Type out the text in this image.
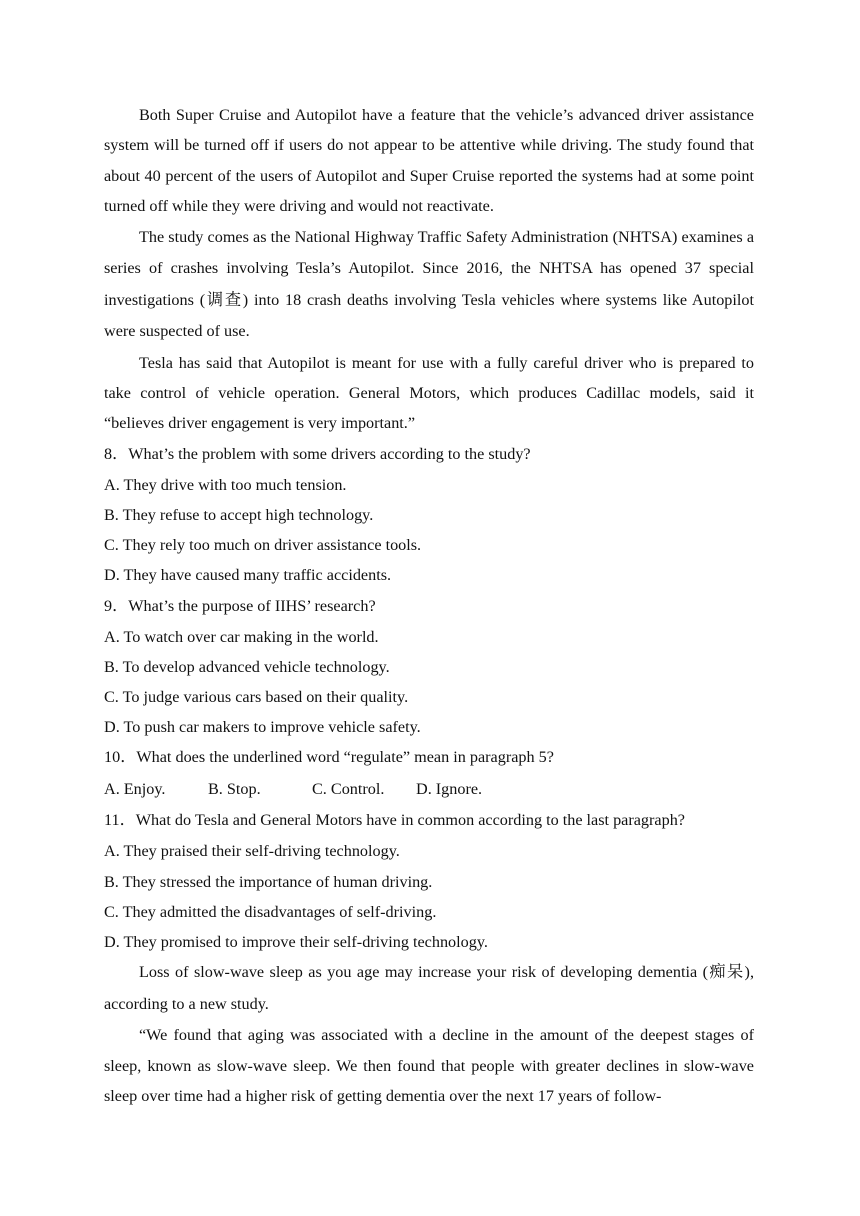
Both Super Cruise and Autopilot have a feature that the vehicle’s advanced driver assistance system will be turned off if users do not appear to be attentive while driving. The study found that about 40 percent of the users of Autopilot and Super Cruise reported the systems had at some point turned off while they were driving and would not reactivate.

The study comes as the National Highway Traffic Safety Administration (NHTSA) examines a series of crashes involving Tesla’s Autopilot. Since 2016, the NHTSA has opened 37 special investigations (调查) into 18 crash deaths involving Tesla vehicles where systems like Autopilot were suspected of use.

Tesla has said that Autopilot is meant for use with a fully careful driver who is prepared to take control of vehicle operation. General Motors, which produces Cadillac models, said it “believes driver engagement is very important.”

8．What’s the problem with some drivers according to the study?

A. They drive with too much tension.

B. They refuse to accept high technology.

C. They rely too much on driver assistance tools.

D. They have caused many traffic accidents.

9．What’s the purpose of IIHS’ research?

A. To watch over car making in the world.

B. To develop advanced vehicle technology.

C. To judge various cars based on their quality.

D. To push car makers to improve vehicle safety.

10．What does the underlined word “regulate” mean in paragraph 5?

A. Enjoy.	B. Stop.	C. Control. D. Ignore.

11．What do Tesla and General Motors have in common according to the last paragraph?

A. They praised their self-driving technology.

B. They stressed the importance of human driving.

C. They admitted the disadvantages of self-driving.

D. They promised to improve their self-driving technology.

Loss of slow-wave sleep as you age may increase your risk of developing dementia (痴呆), according to a new study.

“We found that aging was associated with a decline in the amount of the deepest stages of sleep, known as slow-wave sleep. We then found that people with greater declines in slow-wave sleep over time had a higher risk of getting dementia over the next 17 years of follow-
